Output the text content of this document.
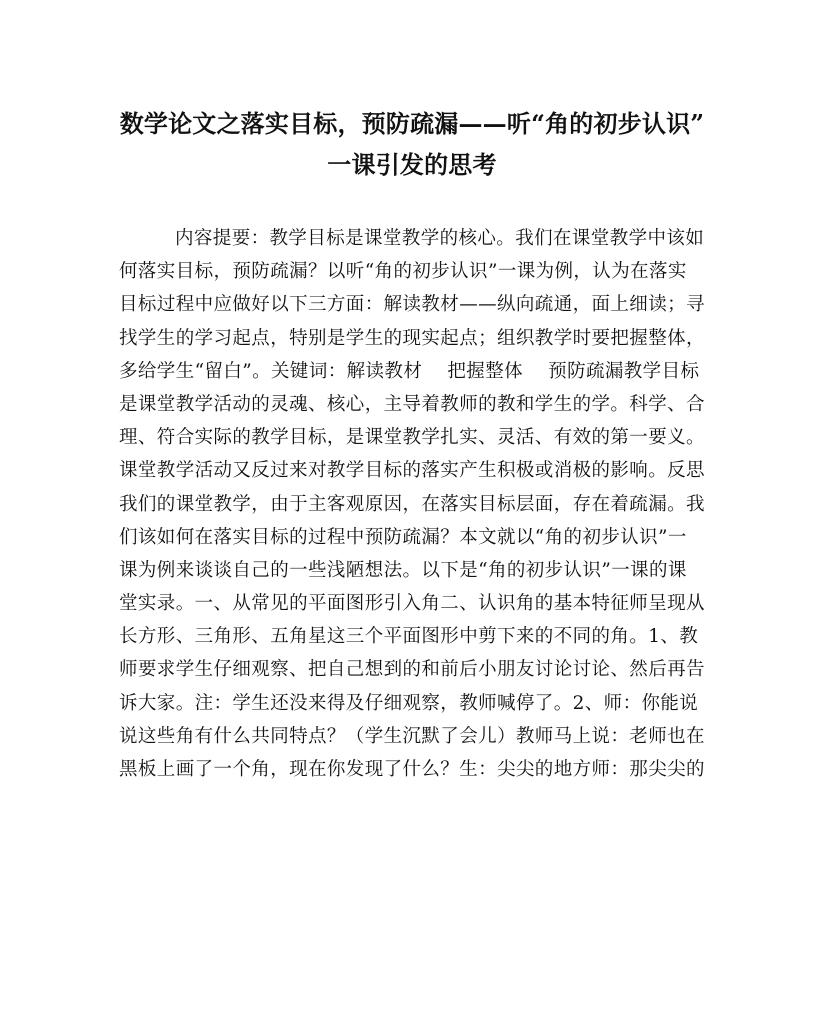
数学论文之落实目标，预防疏漏——听“角的初步认识”
一课引发的思考
内容提要：教学目标是课堂教学的核心。我们在课堂教学中该如
何落实目标，预防疏漏？以听“角的初步认识”一课为例，认为在落实
目标过程中应做好以下三方面：解读教材——纵向疏通，面上细读；寻
找学生的学习起点，特别是学生的现实起点；组织教学时要把握整体，
多给学生“留白”。关键词：解读教材　 把握整体　 预防疏漏教学目标
是课堂教学活动的灵魂、核心，主导着教师的教和学生的学。科学、合
理、符合实际的教学目标，是课堂教学扎实、灵活、有效的第一要义。
课堂教学活动又反过来对教学目标的落实产生积极或消极的影响。反思
我们的课堂教学，由于主客观原因，在落实目标层面，存在着疏漏。我
们该如何在落实目标的过程中预防疏漏？本文就以“角的初步认识”一
课为例来谈谈自己的一些浅陋想法。以下是“角的初步认识”一课的课
堂实录。一、从常见的平面图形引入角二、认识角的基本特征师呈现从
长方形、三角形、五角星这三个平面图形中剪下来的不同的角。1、教
师要求学生仔细观察、把自己想到的和前后小朋友讨论讨论、然后再告
诉大家。注：学生还没来得及仔细观察，教师喊停了。2、师：你能说
说这些角有什么共同特点？（学生沉默了会儿）教师马上说：老师也在
黑板上画了一个角，现在你发现了什么？生：尖尖的地方师：那尖尖的
